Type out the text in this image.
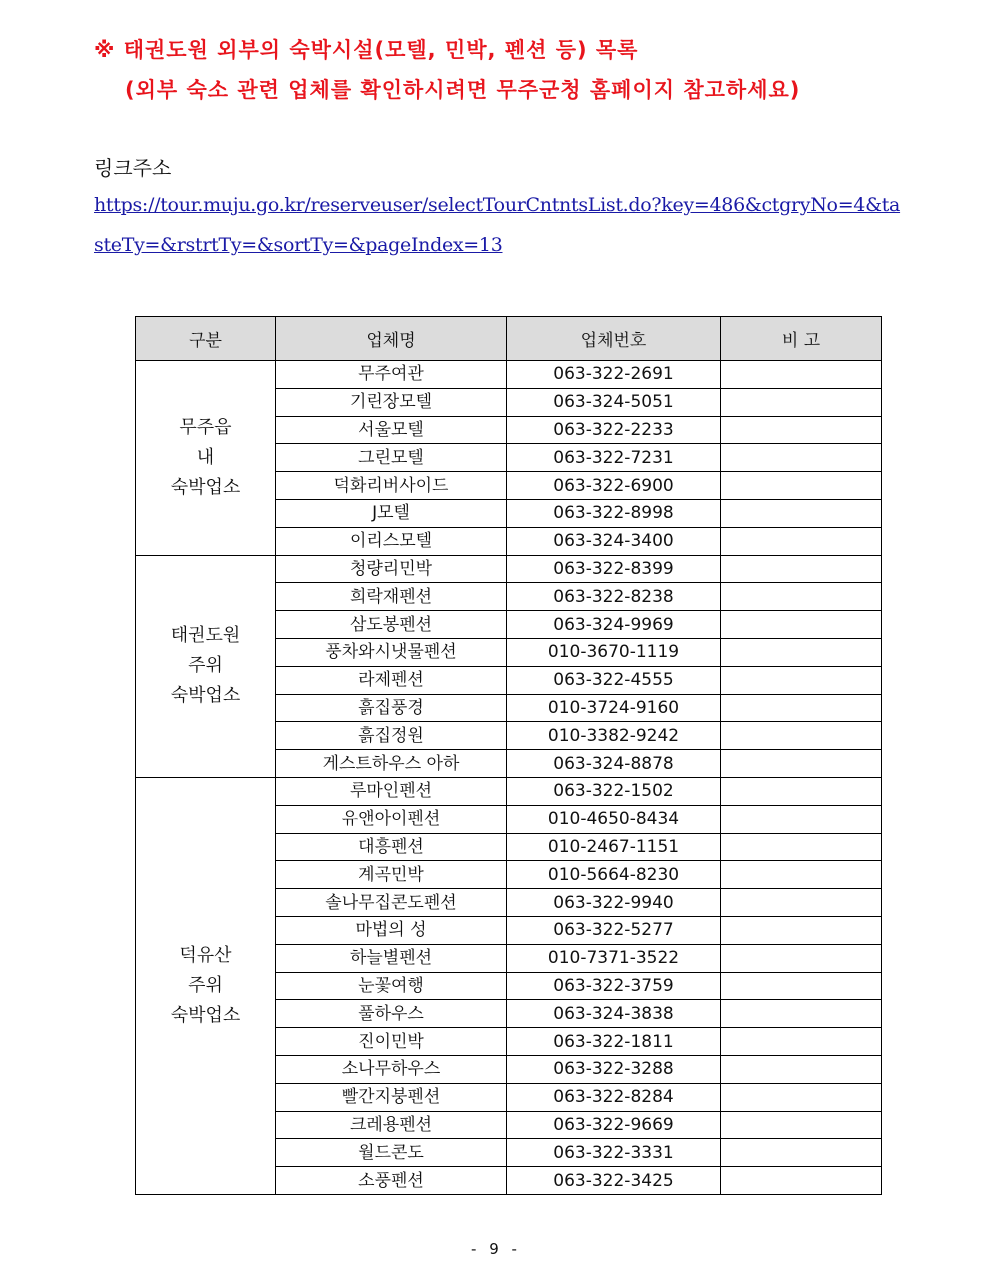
※ 태권도원 외부의 숙박시설(모텔, 민박, 펜션 등) 목록

(외부 숙소 관련 업체를 확인하시려면 무주군청 홈페이지 참고하세요)

링크주소

https://tour.muju.go.kr/reserveuser/selectTourCntntsList.do?key=486&ctgryNo=4&ta
steTy=&rstrtTy=&sortTy=&pageIndex=13
구분	업체명	업체번호	비 고

무주읍
내
숙박업소	무주여관	063-322-2691	
	기린장모텔	063-324-5051	
	서울모텔	063-322-2233	
	그린모텔	063-322-7231	
	덕화리버사이드	063-322-6900	
	J모텔	063-322-8998	
	이리스모텔	063-324-3400	

태권도원
주위
숙박업소	청량리민박	063-322-8399	
	희락재펜션	063-322-8238	
	삼도봉펜션	063-324-9969	
	풍차와시냇물펜션	010-3670-1119	
	라제펜션	063-322-4555	
	흙집풍경	010-3724-9160	
	흙집정원	010-3382-9242	
	게스트하우스 아하	063-324-8878	

덕유산
주위
숙박업소	루마인펜션	063-322-1502	
	유앤아이펜션	010-4650-8434	
	대흥펜션	010-2467-1151	
	계곡민박	010-5664-8230	
	솔나무집콘도펜션	063-322-9940	
	마법의 성	063-322-5277	
	하늘별펜션	010-7371-3522	
	눈꽃여행	063-322-3759	
	풀하우스	063-324-3838	
	진이민박	063-322-1811	
	소나무하우스	063-322-3288	
	빨간지붕펜션	063-322-8284	
	크레용펜션	063-322-9669	
	월드콘도	063-322-3331	
	소풍펜션	063-322-3425	

- 9 -
